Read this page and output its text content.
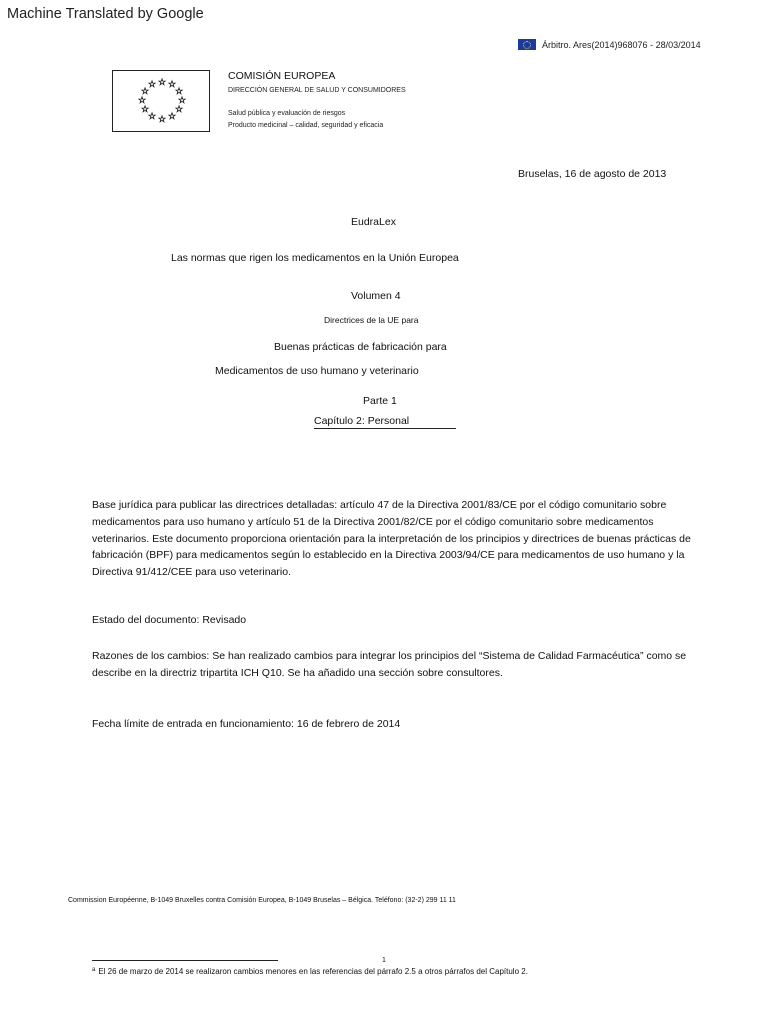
Machine Translated by Google
Árbitro. Ares(2014)968076 - 28/03/2014
☆ ☆
☆
☆
☆
☆
☆
☆
☆
☆
☆
☆
COMISIÓN EUROPEA
DIRECCIÓN GENERAL DE SALUD Y CONSUMIDORES
Salud pública y evaluación de riesgos
Producto medicinal – calidad, seguridad y eficacia
Bruselas, 16 de agosto de 2013
EudraLex
Las normas que rigen los medicamentos en la Unión Europea
Volumen 4
Directrices de la UE para
Buenas prácticas de fabricación para
Medicamentos de uso humano y veterinario
Parte 1
Capítulo 2: Personal
Base jurídica para publicar las directrices detalladas: artículo 47 de la Directiva 2001/83/CE por el código comunitario sobre medicamentos para uso humano y artículo 51 de la Directiva 2001/82/CE por el código comunitario sobre medicamentos veterinarios. Este documento proporciona orientación para la interpretación de los principios y directrices de buenas prácticas de fabricación (BPF) para medicamentos según lo establecido en la Directiva 2003/94/CE para medicamentos de uso humano y la Directiva 91/412/CEE para uso veterinario.
Estado del documento: Revisado
Razones de los cambios: Se han realizado cambios para integrar los principios del “Sistema de Calidad Farmacéutica” como se describe en la directriz tripartita ICH Q10. Se ha añadido una sección sobre consultores.
Fecha límite de entrada en funcionamiento: 16 de febrero de 2014
Commission Européenne, B-1049 Bruxelles contra Comisión Europea, B-1049 Bruselas – Bélgica. Teléfono: (32-2) 299 11 11
1
$^a$ El 26 de marzo de 2014 se realizaron cambios menores en las referencias del párrafo 2.5 a otros párrafos del Capítulo 2.
